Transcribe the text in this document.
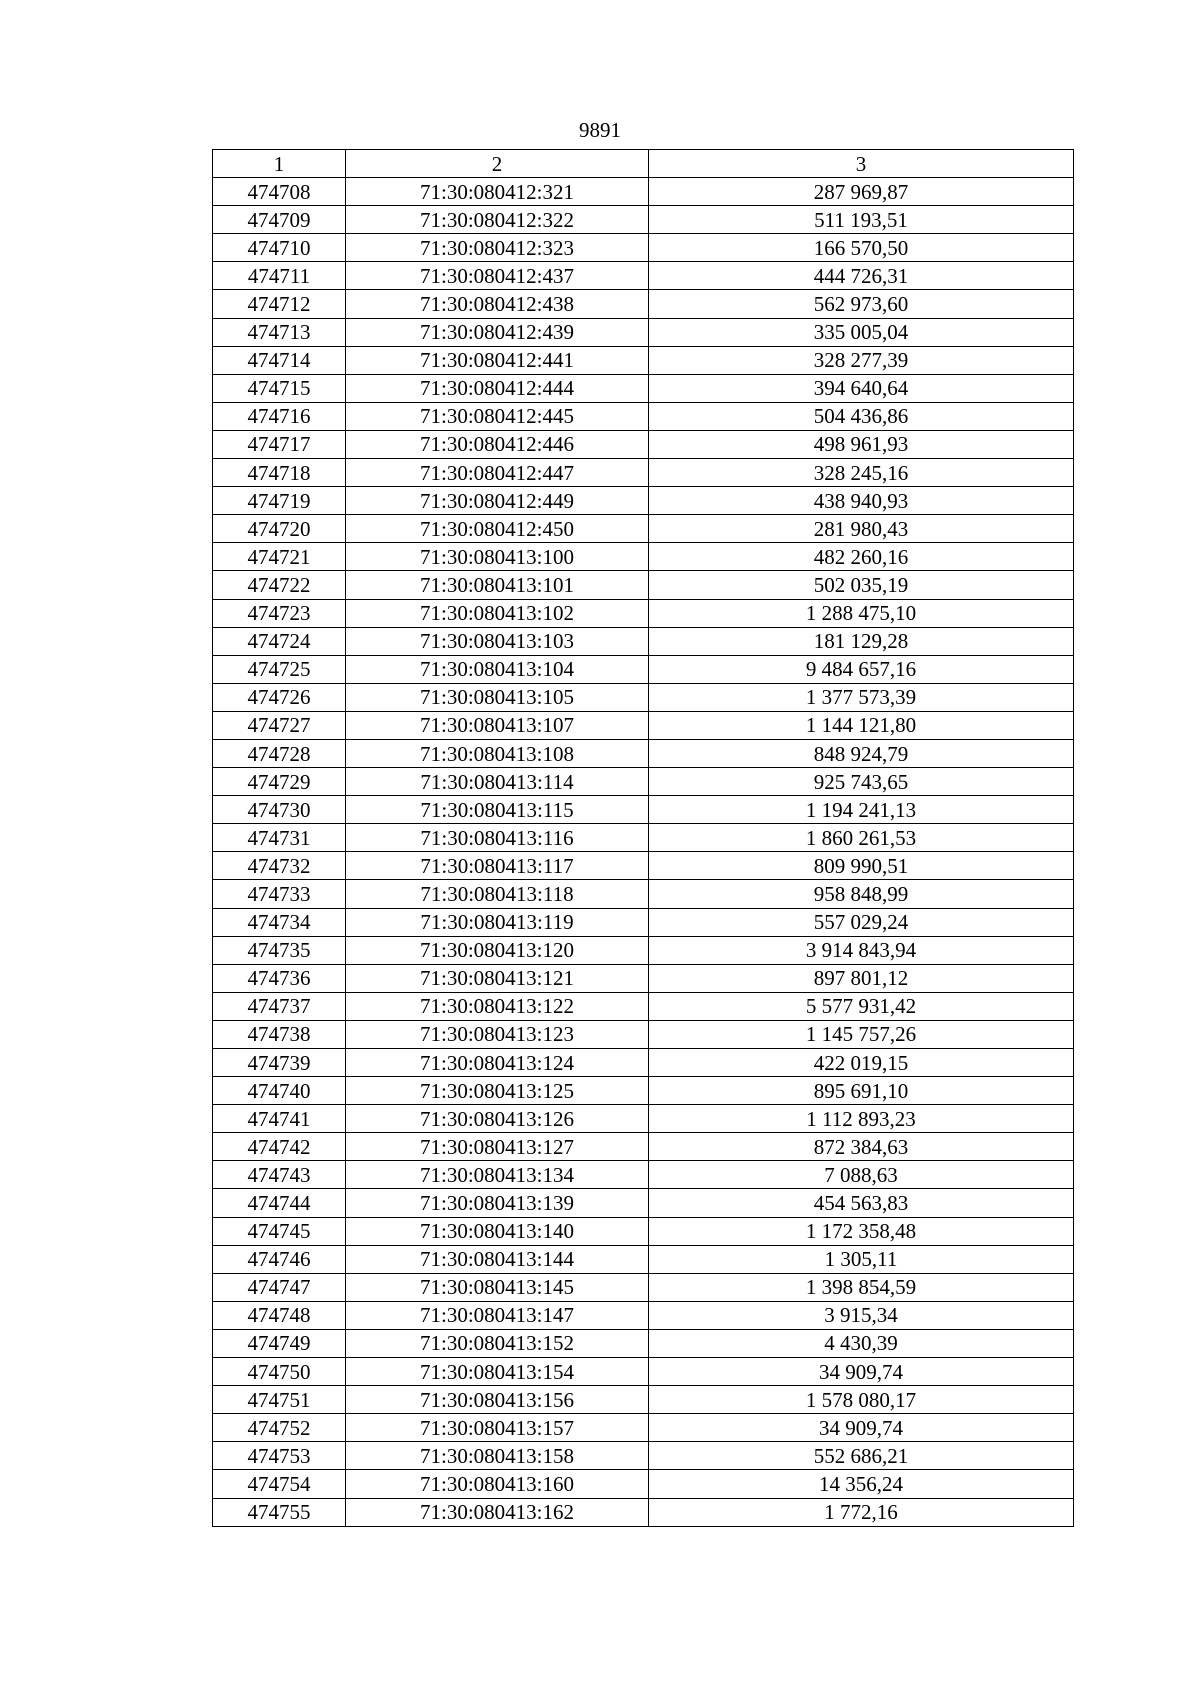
9891
1	2	3
474708	71:30:080412:321	287 969,87
474709	71:30:080412:322	511 193,51
474710	71:30:080412:323	166 570,50
474711	71:30:080412:437	444 726,31
474712	71:30:080412:438	562 973,60
474713	71:30:080412:439	335 005,04
474714	71:30:080412:441	328 277,39
474715	71:30:080412:444	394 640,64
474716	71:30:080412:445	504 436,86
474717	71:30:080412:446	498 961,93
474718	71:30:080412:447	328 245,16
474719	71:30:080412:449	438 940,93
474720	71:30:080412:450	281 980,43
474721	71:30:080413:100	482 260,16
474722	71:30:080413:101	502 035,19
474723	71:30:080413:102	1 288 475,10
474724	71:30:080413:103	181 129,28
474725	71:30:080413:104	9 484 657,16
474726	71:30:080413:105	1 377 573,39
474727	71:30:080413:107	1 144 121,80
474728	71:30:080413:108	848 924,79
474729	71:30:080413:114	925 743,65
474730	71:30:080413:115	1 194 241,13
474731	71:30:080413:116	1 860 261,53
474732	71:30:080413:117	809 990,51
474733	71:30:080413:118	958 848,99
474734	71:30:080413:119	557 029,24
474735	71:30:080413:120	3 914 843,94
474736	71:30:080413:121	897 801,12
474737	71:30:080413:122	5 577 931,42
474738	71:30:080413:123	1 145 757,26
474739	71:30:080413:124	422 019,15
474740	71:30:080413:125	895 691,10
474741	71:30:080413:126	1 112 893,23
474742	71:30:080413:127	872 384,63
474743	71:30:080413:134	7 088,63
474744	71:30:080413:139	454 563,83
474745	71:30:080413:140	1 172 358,48
474746	71:30:080413:144	1 305,11
474747	71:30:080413:145	1 398 854,59
474748	71:30:080413:147	3 915,34
474749	71:30:080413:152	4 430,39
474750	71:30:080413:154	34 909,74
474751	71:30:080413:156	1 578 080,17
474752	71:30:080413:157	34 909,74
474753	71:30:080413:158	552 686,21
474754	71:30:080413:160	14 356,24
474755	71:30:080413:162	1 772,16
